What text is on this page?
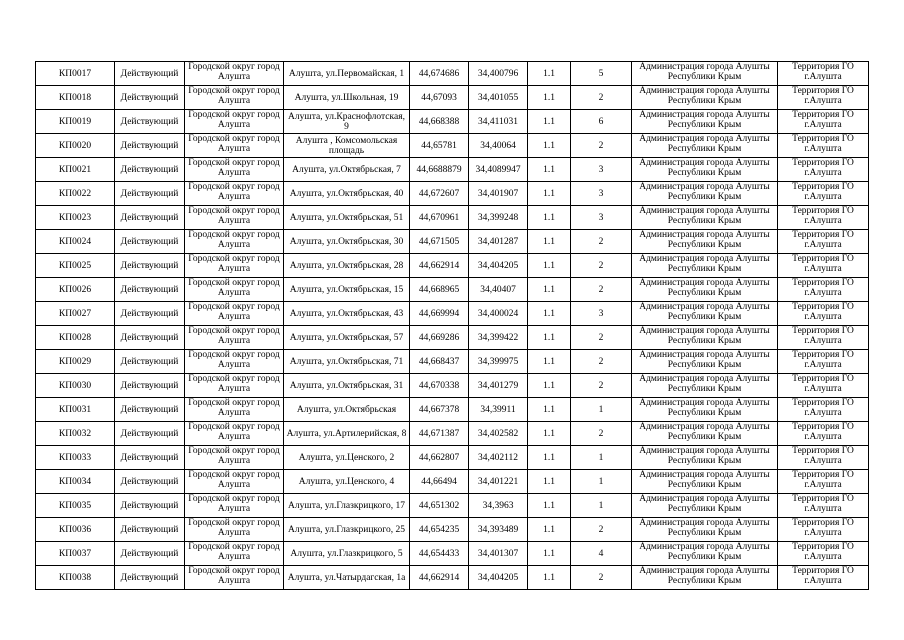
КП0017	Действующий	Городской округ город Алушта	Алушта, ул.Первомайская, 1	44,674686	34,400796	1.1	5	Администрация города Алушты Республики Крым	Территория ГО г.Алушта
КП0018	Действующий	Городской округ город Алушта	Алушта, ул.Школьная, 19	44,67093	34,401055	1.1	2	Администрация города Алушты Республики Крым	Территория ГО г.Алушта
КП0019	Действующий	Городской округ город Алушта	Алушта, ул.Краснофлотская, 9	44,668388	34,411031	1.1	6	Администрация города Алушты Республики Крым	Территория ГО г.Алушта
КП0020	Действующий	Городской округ город Алушта	Алушта , Комсомольская площадь	44,65781	34,40064	1.1	2	Администрация города Алушты Республики Крым	Территория ГО г.Алушта
КП0021	Действующий	Городской округ город Алушта	Алушта, ул.Октябрьская, 7	44,6688879	34,4089947	1.1	3	Администрация города Алушты Республики Крым	Территория ГО г.Алушта
КП0022	Действующий	Городской округ город Алушта	Алушта, ул.Октябрьская, 40	44,672607	34,401907	1.1	3	Администрация города Алушты Республики Крым	Территория ГО г.Алушта
КП0023	Действующий	Городской округ город Алушта	Алушта, ул.Октябрьская, 51	44,670961	34,399248	1.1	3	Администрация города Алушты Республики Крым	Территория ГО г.Алушта
КП0024	Действующий	Городской округ город Алушта	Алушта, ул.Октябрьская, 30	44,671505	34,401287	1.1	2	Администрация города Алушты Республики Крым	Территория ГО г.Алушта
КП0025	Действующий	Городской округ город Алушта	Алушта, ул.Октябрьская, 28	44,662914	34,404205	1.1	2	Администрация города Алушты Республики Крым	Территория ГО г.Алушта
КП0026	Действующий	Городской округ город Алушта	Алушта, ул.Октябрьская, 15	44,668965	34,40407	1.1	2	Администрация города Алушты Республики Крым	Территория ГО г.Алушта
КП0027	Действующий	Городской округ город Алушта	Алушта, ул.Октябрьская, 43	44,669994	34,400024	1.1	3	Администрация города Алушты Республики Крым	Территория ГО г.Алушта
КП0028	Действующий	Городской округ город Алушта	Алушта, ул.Октябрьская, 57	44,669286	34,399422	1.1	2	Администрация города Алушты Республики Крым	Территория ГО г.Алушта
КП0029	Действующий	Городской округ город Алушта	Алушта, ул.Октябрьская, 71	44,668437	34,399975	1.1	2	Администрация города Алушты Республики Крым	Территория ГО г.Алушта
КП0030	Действующий	Городской округ город Алушта	Алушта, ул.Октябрьская, 31	44,670338	34,401279	1.1	2	Администрация города Алушты Республики Крым	Территория ГО г.Алушта
КП0031	Действующий	Городской округ город Алушта	Алушта, ул.Октябрьская	44,667378	34,39911	1.1	1	Администрация города Алушты Республики Крым	Территория ГО г.Алушта
КП0032	Действующий	Городской округ город Алушта	Алушта, ул.Артилерийская, 8	44,671387	34,402582	1.1	2	Администрация города Алушты Республики Крым	Территория ГО г.Алушта
КП0033	Действующий	Городской округ город Алушта	Алушта, ул.Ценского, 2	44,662807	34,402112	1.1	1	Администрация города Алушты Республики Крым	Территория ГО г.Алушта
КП0034	Действующий	Городской округ город Алушта	Алушта, ул.Ценского, 4	44,66494	34,401221	1.1	1	Администрация города Алушты Республики Крым	Территория ГО г.Алушта
КП0035	Действующий	Городской округ город Алушта	Алушта, ул.Глазкрицкого, 17	44,651302	34,3963	1.1	1	Администрация города Алушты Республики Крым	Территория ГО г.Алушта
КП0036	Действующий	Городской округ город Алушта	Алушта, ул.Глазкрицкого, 25	44,654235	34,393489	1.1	2	Администрация города Алушты Республики Крым	Территория ГО г.Алушта
КП0037	Действующий	Городской округ город Алушта	Алушта, ул.Глазкрицкого, 5	44,654433	34,401307	1.1	4	Администрация города Алушты Республики Крым	Территория ГО г.Алушта
КП0038	Действующий	Городской округ город Алушта	Алушта, ул.Чатырдагская, 1а	44,662914	34,404205	1.1	2	Администрация города Алушты Республики Крым	Территория ГО г.Алушта
